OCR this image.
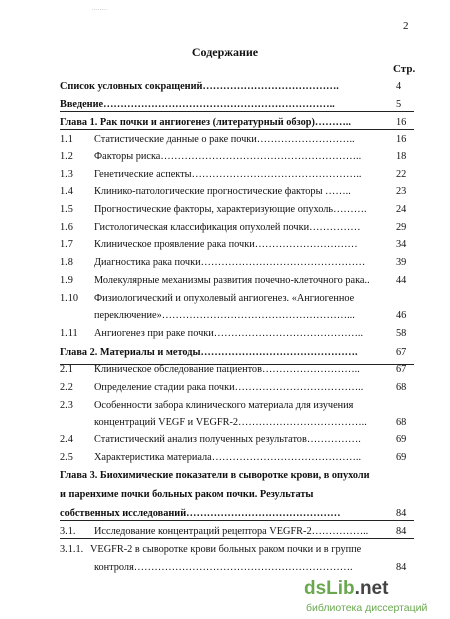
••••••••
2
Содержание
Стр.
Список условных сокращений………………………………….	4
Введение…………………………………………………………..	5
Глава 1. Рак почки и ангиогенез (литературный обзор)………..	16
1.1 Статистические данные о раке почки………………………..	16
1.2 Факторы риска…………………………………………………..	18
1.3 Генетические аспекты…………………………………………..	22
1.4 Клинико-патологические прогностические факторы ……..	23
1.5 Прогностические факторы, характеризующие опухоль……….	24
1.6 Гистологическая классификация опухолей почки……………	29
1.7 Клиническое проявление рака почки…………………………	34
1.8 Диагностика рака почки…………………………………………	39
1.9 Молекулярные механизмы развития почечно-клеточного рака..	44
1.10 Физиологический и опухолевый ангиогенез. «Ангиогенное
переключение»………………………………………………...	46
1.11 Ангиогенез при раке почки……………………………………..	58
Глава 2. Материалы и методы……………………………………….	67
2.1 Клиническое обследование пациентов………………………..	67
2.2 Определение стадии рака почки………………………………..	68
2.3 Особенности забора клинического материала для изучения
концентраций VEGF и VEGFR-2………………………………..	68
2.4 Статистический анализ полученных результатов…………….	69
2.5 Характеристика материала……………………………………..	69
Глава 3. Биохимические показатели в сыворотке крови, в опухоли
и паренхиме почки больных раком почки. Результаты
собственных исследований………………………………………	84
3.1. Исследование концентраций рецептора VEGFR-2……………..	84
3.1.1. VEGFR-2 в сыворотке крови больных раком почки и в группе
контроля……………………………………………………….	84
dsLib.net
библиотека диссертаций
